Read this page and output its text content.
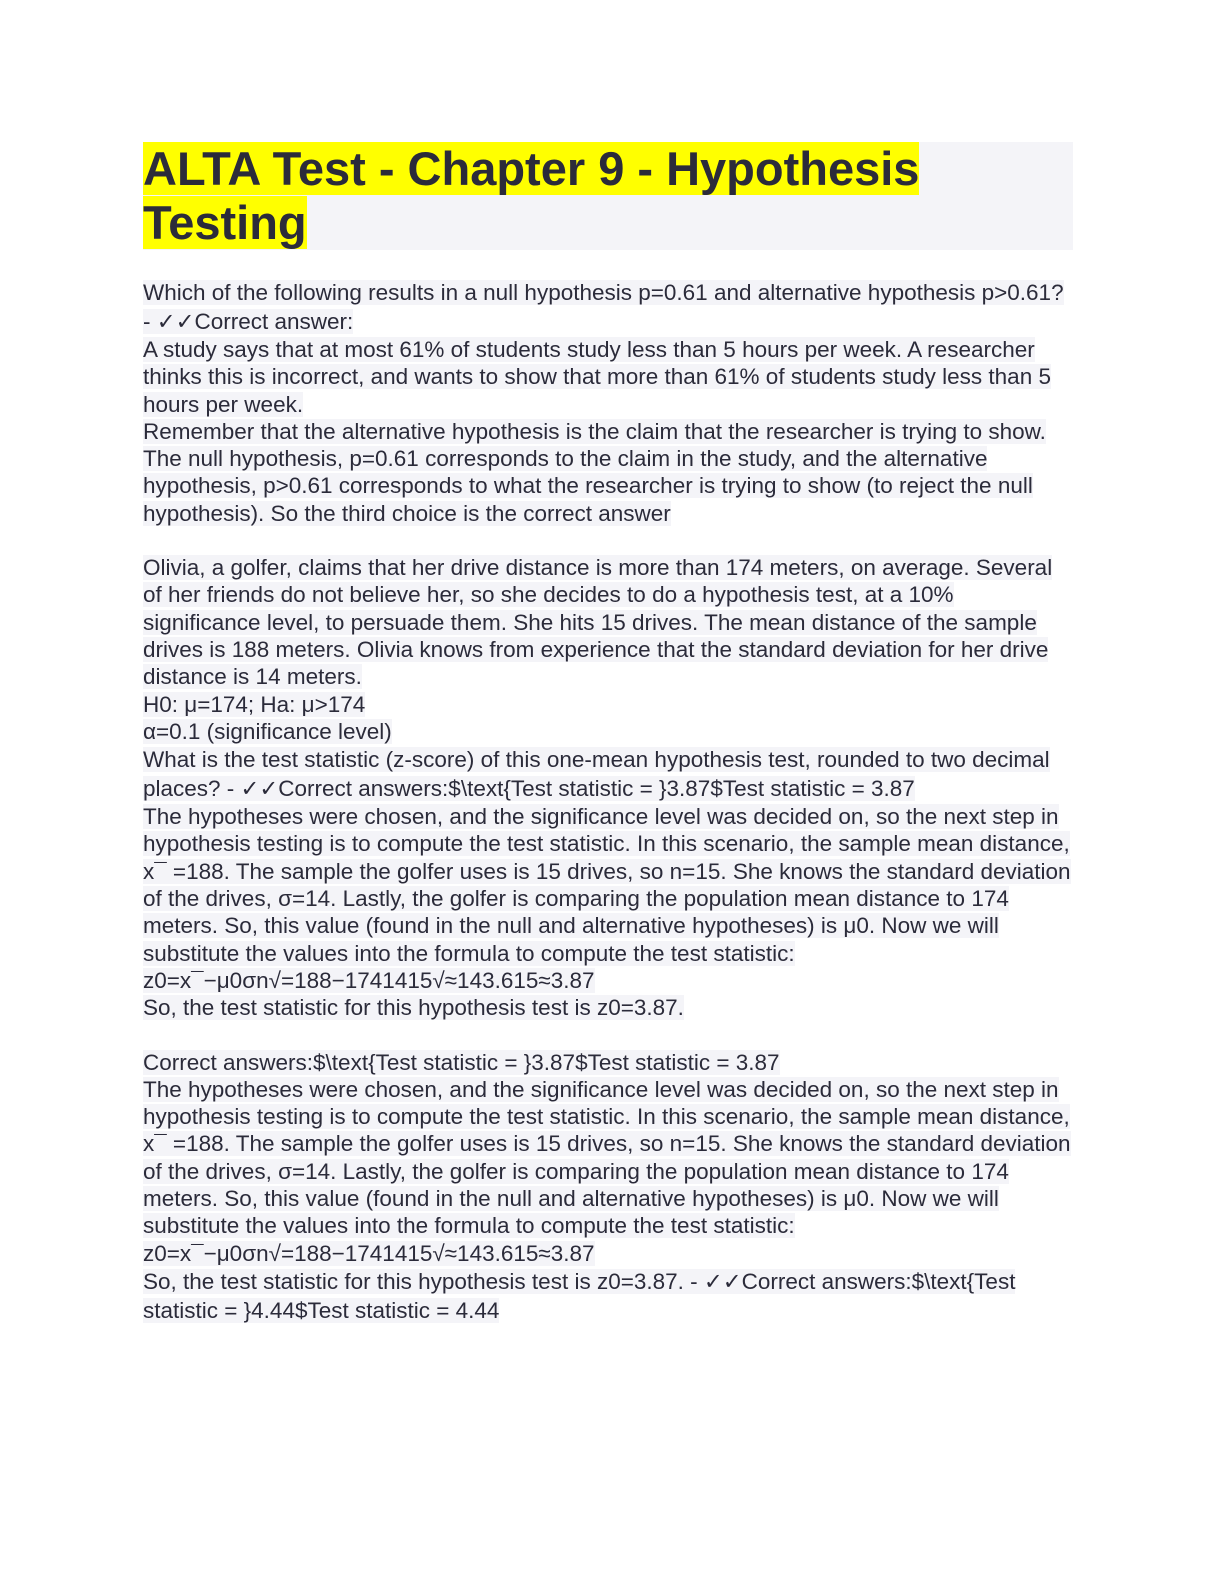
ALTA Test - Chapter 9 - Hypothesis Testing

Which of the following results in a null hypothesis p=0.61 and alternative hypothesis p>0.61? - ✓✓Correct answer:

A study says that at most 61% of students study less than 5 hours per week. A researcher thinks this is incorrect, and wants to show that more than 61% of students study less than 5 hours per week.

Remember that the alternative hypothesis is the claim that the researcher is trying to show.

The null hypothesis, p=0.61 corresponds to the claim in the study, and the alternative hypothesis, p>0.61 corresponds to what the researcher is trying to show (to reject the null hypothesis). So the third choice is the correct answer

Olivia, a golfer, claims that her drive distance is more than 174 meters, on average. Several of her friends do not believe her, so she decides to do a hypothesis test, at a 10% significance level, to persuade them. She hits 15 drives. The mean distance of the sample drives is 188 meters. Olivia knows from experience that the standard deviation for her drive distance is 14 meters.

H0: μ=174; Ha: μ>174

α=0.1 (significance level)

What is the test statistic (z-score) of this one-mean hypothesis test, rounded to two decimal places? - ✓✓Correct answers:$\text{Test statistic = }3.87$Test statistic = 3.87

The hypotheses were chosen, and the significance level was decided on, so the next step in hypothesis testing is to compute the test statistic. In this scenario, the sample mean distance, x¯ =188. The sample the golfer uses is 15 drives, so n=15. She knows the standard deviation of the drives, σ=14. Lastly, the golfer is comparing the population mean distance to 174 meters. So, this value (found in the null and alternative hypotheses) is μ0. Now we will substitute the values into the formula to compute the test statistic:

z0=x¯−μ0σn√=188−1741415√≈143.615≈3.87

So, the test statistic for this hypothesis test is z0=3.87.

Correct answers:$\text{Test statistic = }3.87$Test statistic = 3.87

The hypotheses were chosen, and the significance level was decided on, so the next step in hypothesis testing is to compute the test statistic. In this scenario, the sample mean distance, x¯ =188. The sample the golfer uses is 15 drives, so n=15. She knows the standard deviation of the drives, σ=14. Lastly, the golfer is comparing the population mean distance to 174 meters. So, this value (found in the null and alternative hypotheses) is μ0. Now we will substitute the values into the formula to compute the test statistic:

z0=x¯−μ0σn√=188−1741415√≈143.615≈3.87

So, the test statistic for this hypothesis test is z0=3.87. - ✓✓Correct answers:$\text{Test statistic = }4.44$Test statistic = 4.44
